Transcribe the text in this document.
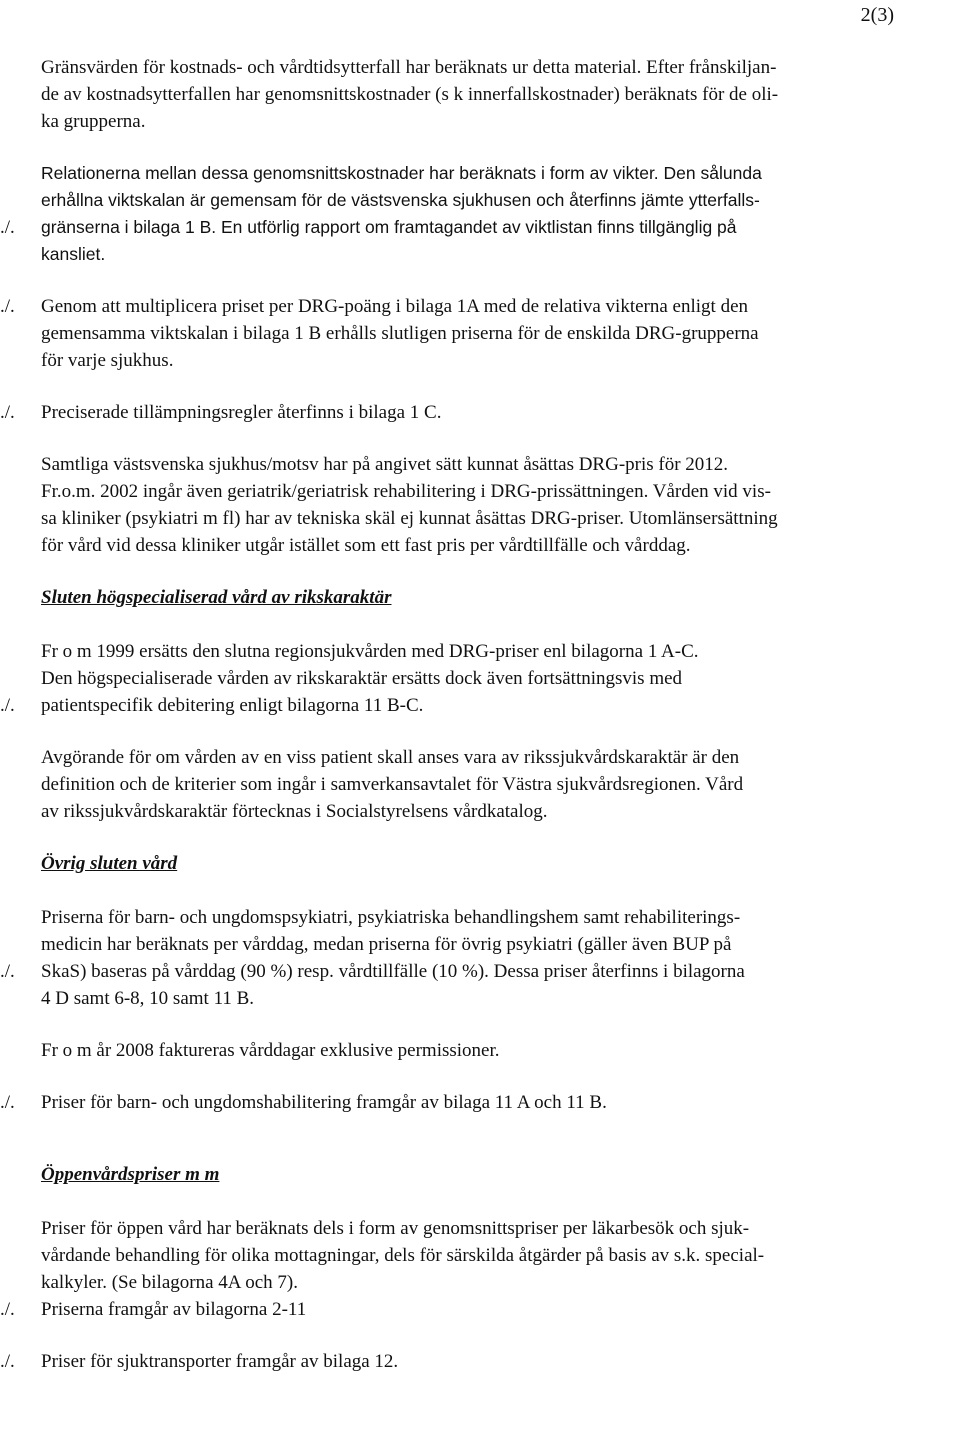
2(3)
Gränsvärden för kostnads- och vårdtidsytterfall har beräknats ur detta material. Efter frånskiljan-
de av kostnadsytterfallen har genomsnittskostnader (s k innerfallskostnader) beräknats för de oli-
ka grupperna.
Relationerna mellan dessa genomsnittskostnader har beräknats i form av vikter. Den sålunda
erhållna viktskalan är gemensam för de västsvenska sjukhusen och återfinns jämte ytterfalls-
gränserna i bilaga 1 B. En utförlig rapport om framtagandet av viktlistan finns tillgänglig på
kansliet.
./.
Genom att multiplicera priset per DRG-poäng i bilaga 1A med de relativa vikterna enligt den
gemensamma viktskalan i bilaga 1 B erhålls slutligen priserna för de enskilda DRG-grupperna
för varje sjukhus.
./.
Preciserade tillämpningsregler återfinns i bilaga 1 C.
./.
Samtliga västsvenska sjukhus/motsv har på angivet sätt kunnat åsättas DRG-pris för 2012.
Fr.o.m. 2002 ingår även geriatrik/geriatrisk rehabilitering i DRG-prissättningen. Vården vid vis-
sa kliniker (psykiatri m fl) har av tekniska skäl ej kunnat åsättas DRG-priser. Utomlänsersättning
för vård vid dessa kliniker utgår istället som ett fast pris per vårdtillfälle och vårddag.
Sluten högspecialiserad vård av rikskaraktär
Fr o m 1999 ersätts den slutna regionsjukvården med DRG-priser enl bilagorna 1 A-C.
Den högspecialiserade vården av rikskaraktär ersätts dock även fortsättningsvis med
patientspecifik debitering enligt bilagorna 11 B-C.
./.
Avgörande för om vården av en viss patient skall anses vara av rikssjukvårdskaraktär är den
definition och de kriterier som ingår i samverkansavtalet för Västra sjukvårdsregionen. Vård
av rikssjukvårdskaraktär förtecknas i Socialstyrelsens vårdkatalog.
Övrig sluten vård
Priserna för barn- och ungdomspsykiatri, psykiatriska behandlingshem samt rehabiliterings-
medicin har beräknats per vårddag, medan priserna för övrig psykiatri (gäller även BUP på
SkaS) baseras på vårddag (90 %) resp. vårdtillfälle (10 %). Dessa priser återfinns i bilagorna
4 D samt 6-8, 10 samt 11 B.
./.
Fr o m år 2008 faktureras vårddagar exklusive permissioner.
Priser för barn- och ungdomshabilitering framgår av bilaga 11 A och 11 B.
./.
Öppenvårdspriser m m
Priser för öppen vård har beräknats dels i form av genomsnittspriser per läkarbesök och sjuk-
vårdande behandling för olika mottagningar, dels för särskilda åtgärder på basis av s.k. special-
kalkyler. (Se bilagorna 4A och 7).
Priserna framgår av bilagorna 2-11
./.
Priser för sjuktransporter framgår av bilaga 12.
./.
